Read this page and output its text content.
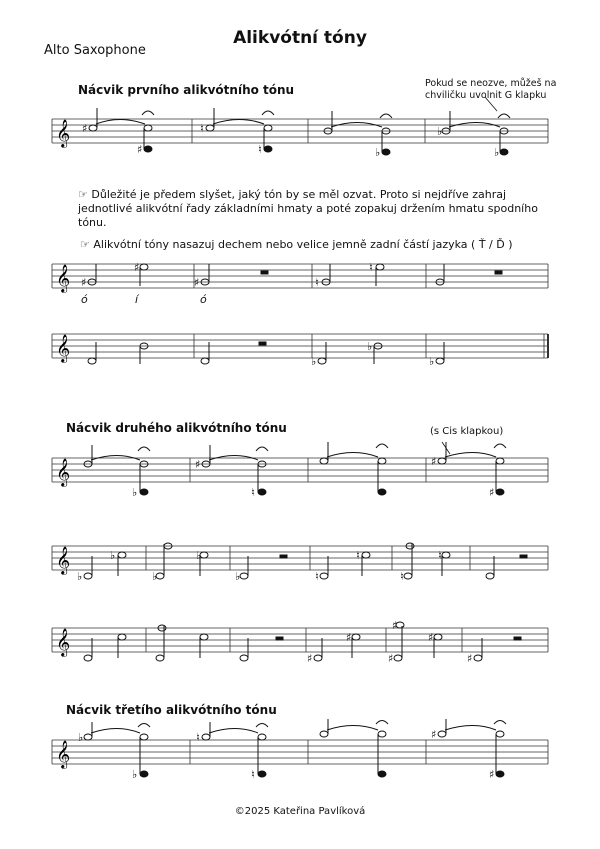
Alikvótní tóny
Alto Saxophone
Nácvik prvního alikvótního tónu	Pokud se neozve, můžeš na chviličku uvolnit G klapku
☞ Důležité je předem slyšet, jaký tón by se měl ozvat. Proto si nejdříve zahraj jednotlivé alikvótní řady základními hmaty a poté zopakuj držením hmatu spodního tónu.
☞ Alikvótní tóny nasazuj dechem nebo velice jemně zadní částí jazyka ( Ť / Ď )
Nácvik druhého alikvótního tónu	(s Cis klapkou)
Nácvik třetího alikvótního tónu
©2025 Kateřina Pavlíková
𝄞 ♯
♯
♮
♮	♭
♭
♭
𝄞 ♯
♯
♯	♮
♮
ó	í	ó
𝄞	♭
♭
♭
𝄞
♭
♯
♮
♯
♯
𝄞
♭
♭
♭
♭
♭	♮
♮
♮
♮
𝄞
♯
♯
♯
♯
♯
♯
𝄞
♭
♭
♮
♮
♯
♯
